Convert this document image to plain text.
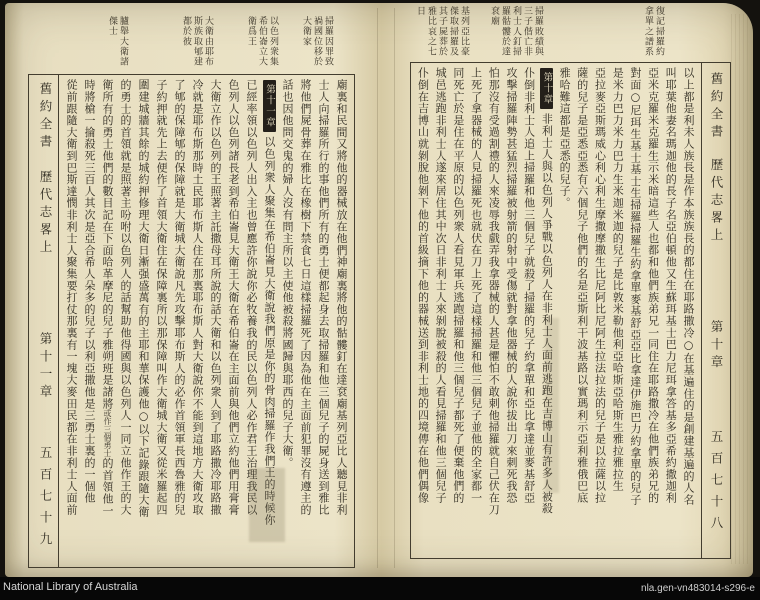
舊約全書
歷代志畧上
第十章
五百七十八
復記掃羅約拿單之譜系
掃羅敗績與三子偕亡非利士人釘掃羅骷髏於達袞廟
基列亞比豪傑取掃羅及其子屍葬於雅比哀之七日
以上都是利未人族長是作本族族長的都住在耶路撒冷○在基遍住的是創建基遍的人名
叫耶葉他妻名瑪迦他的長子名亞伯頓他又生蘇珥基士巴力尼珥拿答基多亞希約撒迦利
亞米克羅米克羅生示米暗這些人也都和他們族弟兄一同住在耶路撒冷在他們族弟兄的
對面○尼珥生基士基士生掃羅掃羅生約拿單麥基舒亞亞比拿達伊施巴力約拿單的兒子
是米力巴力米力巴力生米迦米迦的兒子是比敦米勒他利亞哈斯亞哈斯生雅拉雅拉生
亞拉麥亞斯瑪威心利心利生摩撒摩撒生比尼阿比尼阿生拉法拉法的兒子是以拉薩以拉
薩的兒子是亞悉亞悉有六個兒子他們的名是亞斯利干波基路以實瑪利示亞利雅俄巴底
雅哈難這都是亞悉的兒子。
第十章非利士人與以色列人爭戰以色列人在非利士人面前逃跑在吉博山有許多人被殺
仆倒非利士人追上掃羅和他三個兒子就殺了掃羅的兒子約拿單和亞比拿達並麥基舒亞
攻擊掃羅陣勢甚猛烈掃羅被射箭的射中受傷就對拿他器械的人說你拔出刀來刺死我恐
怕那沒有受過割禮的人來凌辱我戲弄我拿器械的人甚是懼怕不敢刺他掃羅就自己伏在刀
上死了拿器械的人見掃羅死也就伏在刀上死了這樣掃羅和他三個兒子並他的全家都一
同死亡於是住在平原的以色列衆人看見軍兵逃跑掃羅和他三個兒子都死了便棄他們的
城邑逃跑非利士人遂來居住其中次日非利士人來剝脫被殺的人看見掃羅和他三個兒子
仆倒在吉博山就剝脫他剝下他的首級摘下他的器械送到非利士地的四境傳在他們偶像
舊約全書
歷代志畧上
第十一章
五百七十九
掃羅因罪致禍國位移於大衛家
以色列衆集希伯崙立大衛爲王
大衛由耶布斯族取郇建都於彼
臚舉大衛諸傑士
廟裏和民間又將他的器械放在他們神廟裏將他的骷髏釘在達袞廟基列亞比人聽見非利
士人向掃羅所行的事他們所有的勇士便都起身去取掃羅和他三個兒子的屍身送到雅比
將他們屍骨葬在雅比在橡樹下禁食七日這樣掃羅死了因為他在主面前犯罪沒有遵主的
話也因他問交鬼的婦人沒有問主所以主使他被殺將國歸與耶西的兒子大衛。
第十一章以色列衆人聚集在希伯崙見大衛說我們原是你的骨肉掃羅作我們王的時候你
已經率領以色列人出入主也曾應許你說你必牧養我的民以色列人必作君王治理我民以
色列人以色列諸長老到希伯崙見大衛王大衛在希伯崙在主面前與他們立約他們用膏膏
大衛立作以色列的王照著主託撒母耳所說的話大衛和以色列衆人到了耶路撒冷耶路撒
冷就是耶布斯那時土民耶布斯人住在那裏耶布斯人對大衛說你不能到這地方大衛攻取
了郇的保障郇的保障就是大衛城大衛說凡先攻擊耶布斯人的必作首領軍長西魯雅的兒
子約押就先上去便作了首領大衛住在保障裏所以那保障叫作大衛城大衛又從米羅起四
圍建城牆其餘的城約押修理大衛日漸强盛萬有的主耶和華保護他○以下記錄跟隨大衛
的勇士的首領就是照著主吩咐以色列人的話幫助他得國與以色列人一同立他作王的大
衛所有的勇士他們的數目記在下面哈革摩尼的兒子雅朔班是諸將或作三個勇士的首領他一
時將槍一掄殺死三百人其次是亞合希人朵多的兒子以利亞撒他是三勇士裏的一個他
從前跟隨大衛到巴斯達憫非利士人聚集要打仗那裏有一塊大麥田民都在非利士人面前
National Library of Australia	nla.gen-vn483014-s296-e
